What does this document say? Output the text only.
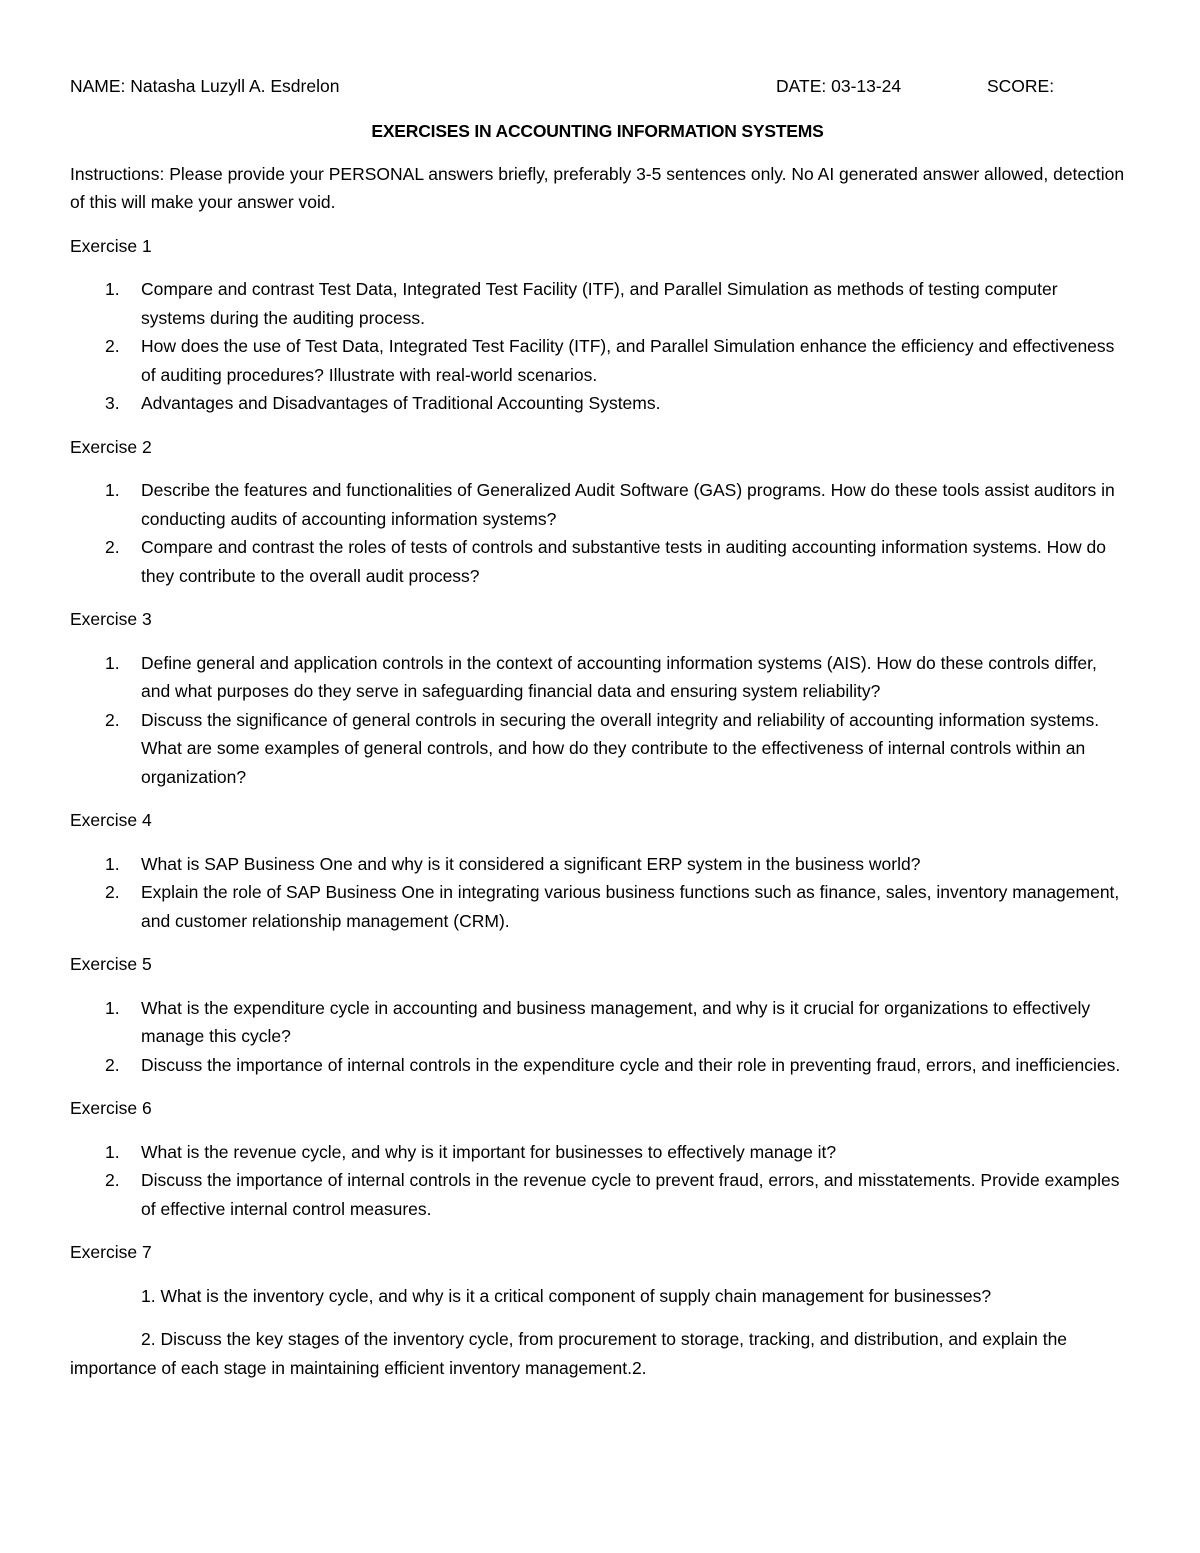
NAME: Natasha Luzyll A. Esdrelon	DATE: 03-13-24	SCORE:
EXERCISES IN ACCOUNTING INFORMATION SYSTEMS

Instructions: Please provide your PERSONAL answers briefly, preferably 3-5 sentences only. No AI generated answer allowed, detection of this will make your answer void.

Exercise 1

1. Compare and contrast Test Data, Integrated Test Facility (ITF), and Parallel Simulation as methods of testing computer systems during the auditing process.
2. How does the use of Test Data, Integrated Test Facility (ITF), and Parallel Simulation enhance the efficiency and effectiveness of auditing procedures? Illustrate with real-world scenarios.
3. Advantages and Disadvantages of Traditional Accounting Systems.

Exercise 2

1. Describe the features and functionalities of Generalized Audit Software (GAS) programs. How do these tools assist auditors in conducting audits of accounting information systems?
2. Compare and contrast the roles of tests of controls and substantive tests in auditing accounting information systems. How do they contribute to the overall audit process?

Exercise 3

1. Define general and application controls in the context of accounting information systems (AIS). How do these controls differ, and what purposes do they serve in safeguarding financial data and ensuring system reliability?
2. Discuss the significance of general controls in securing the overall integrity and reliability of accounting information systems. What are some examples of general controls, and how do they contribute to the effectiveness of internal controls within an organization?

Exercise 4

1. What is SAP Business One and why is it considered a significant ERP system in the business world?
2. Explain the role of SAP Business One in integrating various business functions such as finance, sales, inventory management, and customer relationship management (CRM).

Exercise 5

1. What is the expenditure cycle in accounting and business management, and why is it crucial for organizations to effectively manage this cycle?
2. Discuss the importance of internal controls in the expenditure cycle and their role in preventing fraud, errors, and inefficiencies.

Exercise 6

1. What is the revenue cycle, and why is it important for businesses to effectively manage it?
2. Discuss the importance of internal controls in the revenue cycle to prevent fraud, errors, and misstatements. Provide examples of effective internal control measures.

Exercise 7

1. What is the inventory cycle, and why is it a critical component of supply chain management for businesses?

2. Discuss the key stages of the inventory cycle, from procurement to storage, tracking, and distribution, and explain the importance of each stage in maintaining efficient inventory management.2.
